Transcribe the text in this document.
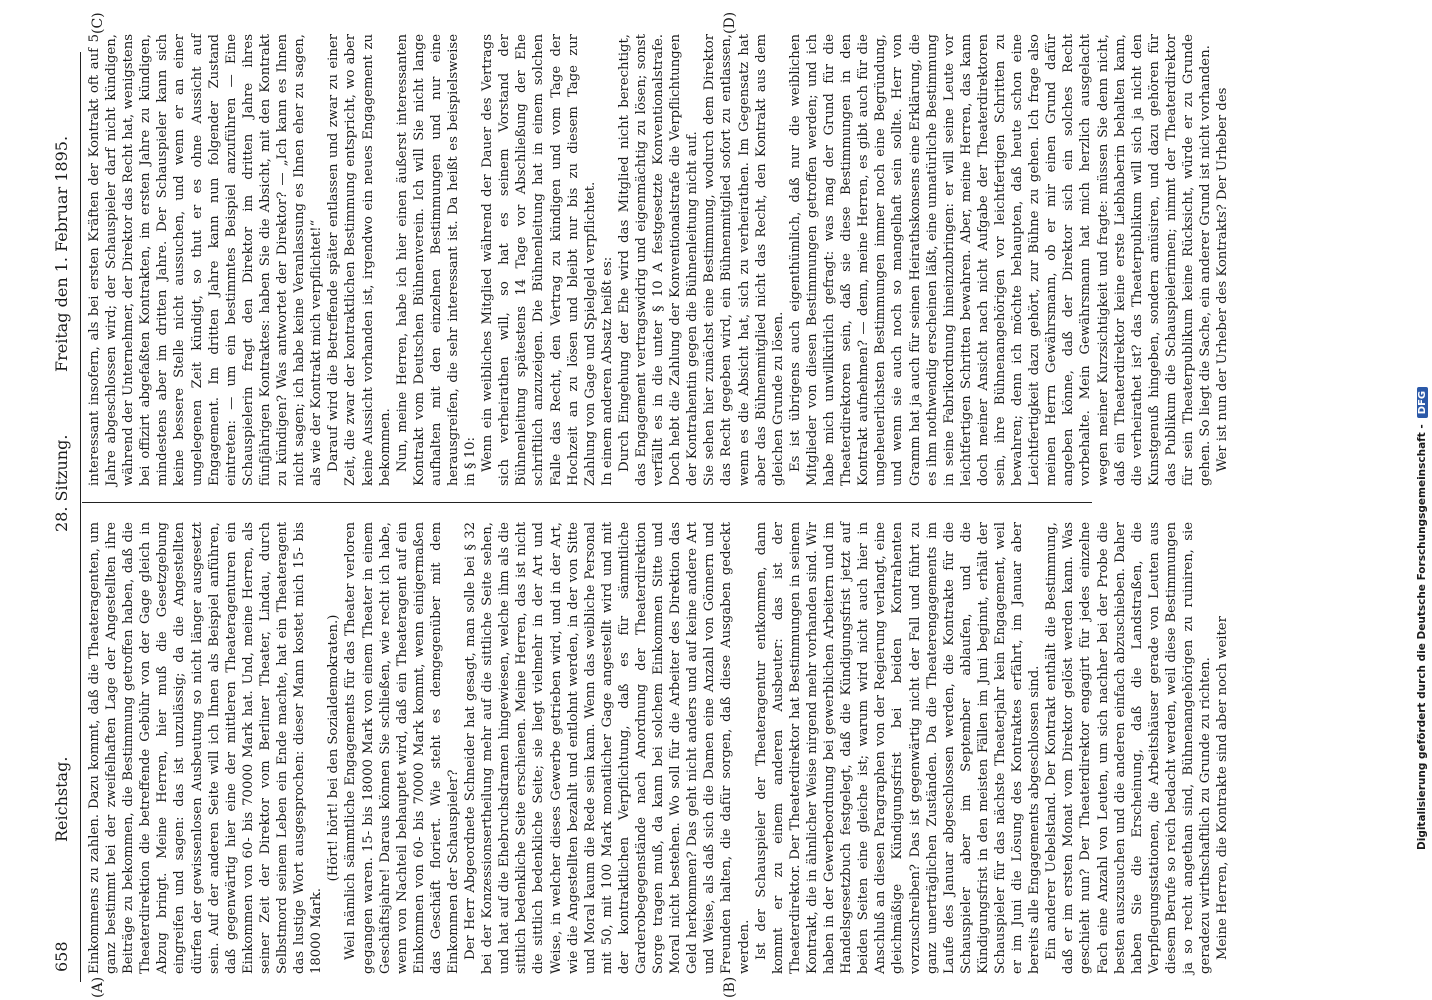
658
Reichstag.
28. Sitzung.
Freitag den 1. Februar 1895.
(A)	(B)
(C)	(D)

Einkommens zu zahlen. Dazu kommt, daß die Theateragenten, um ganz bestimmt bei der zweifelhaften Lage der Angestellten ihre Beiträge zu bekommen, die Bestimmung getroffen haben, daß die Theaterdirektion die betreffende Gebühr von der Gage gleich in Abzug bringt. Meine Herren, hier muß die Gesetzgebung eingreifen und sagen: das ist unzulässig; da die Angestellten dürfen der gewissenlosen Ausbeutung so nicht länger ausgesetzt sein. Auf der anderen Seite will ich Ihnen als Beispiel anführen, daß gegenwärtig hier eine der mittleren Theateragenturen ein Einkommen von 60- bis 70000 Mark hat. Und, meine Herren, als seiner Zeit der Direktor vom Berliner Theater, Lindau, durch Selbstmord seinem Leben ein Ende machte, hat ein Theateragent das lustige Wort ausgesprochen: dieser Mann kostet mich 15- bis 18000 Mark.

(Hört! hört! bei den Sozialdemokraten.) Weil nämlich sämmtliche Engagements für das Theater verloren gegangen waren. 15- bis 18000 Mark von einem Theater in einem Geschäftsjahre! Daraus können Sie schließen, wie recht ich habe, wenn von Nachteil behauptet wird, daß ein Theateragent auf ein Einkommen von 60- bis 70000 Mark kommt, wenn einigermaßen das Geschäft floriert. Wie steht es demgegenüber mit dem Einkommen der Schauspieler? Der Herr Abgeordnete Schneider hat gesagt, man solle bei § 32 bei der Konzessionsertheilung mehr auf die sittliche Seite sehen, und hat auf die Ehebruchsdramen hingewiesen, welche ihm als die sittlich bedenkliche Seite erschienen. Meine Herren, das ist nicht die sittlich bedenkliche Seite; sie liegt vielmehr in der Art und Weise, in welcher dieses Gewerbe getrieben wird, und in der Art, wie die Angestellten bezahlt und entlohnt werden, in der von Sitte und Moral kaum die Rede sein kann. Wenn das weibliche Personal mit 50, mit 100 Mark monatlicher Gage angestellt wird und mit der kontraktlichen Verpflichtung, daß es für sämmtliche Garderobegegenstände nach Anordnung der Theaterdirektion Sorge tragen muß, da kann bei solchem Einkommen Sitte und Moral nicht bestehen. Wo soll für die Arbeiter des Direktion das Geld herkommen? Das geht nicht anders und auf keine andere Art und Weise, als daß sich die Damen eine Anzahl von Gönnern und Freunden halten, die dafür sorgen, daß diese Ausgaben gedeckt werden. Ist der Schauspieler der Theateragentur entkommen, dann kommt er zu einem anderen Ausbeuter: das ist der Theaterdirektor. Der Theaterdirektor hat Bestimmungen in seinem Kontrakt, die in ähnlicher Weise nirgend mehr vorhanden sind. Wir haben in der Gewerbeordnung bei gewerblichen Arbeitern und im Handelsgesetzbuch festgelegt, daß die Kündigungsfrist jetzt auf beiden Seiten eine gleiche ist; warum wird nicht auch hier in Anschluß an diesen Paragraphen von der Regierung verlangt, eine gleichmäßige Kündigungsfrist bei beiden Kontrahenten vorzuschreiben? Das ist gegenwärtig nicht der Fall und führt zu ganz unerträglichen Zuständen. Da die Theaterengagements im Laufe des Januar abgeschlossen werden, die Kontrakte für die Schauspieler aber im September ablaufen, und die Kündigungsfrist in den meisten Fällen im Juni beginnt, erhält der Schauspieler für das nächste Theaterjahr kein Engagement, weil er im Juni die Lösung des Kontraktes erfährt, im Januar aber bereits alle Engagements abgeschlossen sind. Ein anderer Uebelstand. Der Kontrakt enthält die Bestimmung, daß er im ersten Monat vom Direktor gelöst werden kann. Was geschieht nun? Der Theaterdirektor engagirt für jedes einzelne Fach eine Anzahl von Leuten, um sich nachher bei der Probe die besten auszusuchen und die anderen einfach abzuschieben. Daher haben Sie die Erscheinung, daß die Landstraßen, die Verpflegungsstationen, die Arbeitshäuser gerade von Leuten aus diesem Berufe so reich bedacht werden, weil diese Bestimmungen ja so recht angethan sind, Bühnenangehörigen zu ruiniren, sie geradezu wirthschaftlich zu Grunde zu richten. Meine Herren, die Kontrakte sind aber noch weiter

interessant insofern, als bei ersten Kräften der Kontrakt oft auf 5 Jahre abgeschlossen wird; der Schauspieler darf nicht kündigen, während der Unternehmer, der Direktor das Recht hat, wenigstens bei offizirt abgefaßten Kontrakten, im ersten Jahre zu kündigen, mindestens aber im dritten Jahre. Der Schauspieler kann sich keine bessere Stelle nicht aussuchen, und wenn er an einer ungelegenen Zeit kündigt, so thut er es ohne Aussicht auf Engagement. Im dritten Jahre kann nun folgender Zustand eintreten: — um ein bestimmtes Beispiel anzuführen — Eine Schauspielerin fragt den Direktor im dritten Jahre ihres fünfjährigen Kontraktes: haben Sie die Absicht, mit den Kontrakt zu kündigen? Was antwortet der Direktor? — „Ich kann es Ihnen nicht sagen; ich habe keine Veranlassung es Ihnen eher zu sagen, als wie der Kontrakt mich verpflichtet!“ Darauf wird die Betreffende später entlassen und zwar zu einer Zeit, die zwar der kontraktlichen Bestimmung entspricht, wo aber keine Aussicht vorhanden ist, irgendwo ein neues Engagement zu bekommen. Nun, meine Herren, habe ich hier einen äußerst interessanten Kontrakt vom Deutschen Bühnenverein. Ich will Sie nicht lange aufhalten mit den einzelnen Bestimmungen und nur eine herausgreifen, die sehr interessant ist. Da heißt es beispielsweise in § 10: Wenn ein weibliches Mitglied während der Dauer des Vertrags sich verheirathen will, so hat es seinem Vorstand der Bühnenleitung spätestens 14 Tage vor Abschließung der Ehe schriftlich anzuzeigen. Die Bühnenleitung hat in einem solchen Falle das Recht, den Vertrag zu kündigen und vom Tage der Hochzeit an zu lösen und bleibt nur bis zu diesem Tage zur Zahlung von Gage und Spielgeld verpflichtet. In einem anderen Absatz heißt es: Durch Eingehung der Ehe wird das Mitglied nicht berechtigt, das Engagement vertragswidrig und eigenmächtig zu lösen; sonst verfällt es in die unter § 10 A festgesetzte Konventionalstrafe. Doch hebt die Zahlung der Konventionalstrafe die Verpflichtungen der Kontrahentin gegen die Bühnenleitung nicht auf. Sie sehen hier zunächst eine Bestimmung, wodurch dem Direktor das Recht gegeben wird, ein Bühnenmitglied sofort zu entlassen, wenn es die Absicht hat, sich zu verheirathen. Im Gegensatz hat aber das Bühnenmitglied nicht das Recht, den Kontrakt aus dem gleichen Grunde zu lösen. Es ist übrigens auch eigenthümlich, daß nur die weiblichen Mitglieder von diesen Bestimmungen getroffen werden; und ich habe mich unwillkürlich gefragt: was mag der Grund für die Theaterdirektoren sein, daß sie diese Bestimmungen in den Kontrakt aufnehmen? — denn, meine Herren, es gibt auch für die ungeheuerlichsten Bestimmungen immer noch eine Begründung, und wenn sie auch noch so mangelhaft sein sollte. Herr von Gramm hat ja auch für seinen Heirathskonsens eine Erklärung, die es ihm nothwendig erscheinen läßt, eine unnatürliche Bestimmung in seine Fabrikordnung hineinzubringen: er will seine Leute vor leichtfertigen Schritten bewahren. Aber, meine Herren, das kann doch meiner Ansicht nach nicht Aufgabe der Theaterdirektoren sein, ihre Bühnenangehörigen vor leichtfertigen Schritten zu bewahren; denn ich möchte behaupten, daß heute schon eine Leichtfertigkeit dazu gehört, zur Bühne zu gehen. Ich frage also meinen Herrn Gewährsmann, ob er mir einen Grund dafür angeben könne, daß der Direktor sich ein solches Recht vorbehalte. Mein Gewährsmann hat mich herzlich ausgelacht wegen meiner Kurzsichtigkeit und fragte: müssen Sie denn nicht, daß ein Theaterdirektor keine erste Liebhaberin behalten kann, die verheirathet ist? das Theaterpublikum will sich ja nicht den Kunstgenuß hingeben, sondern amüsiren, und dazu gehören für das Publikum die Schauspielerinnen; nimmt der Theaterdirektor für sein Theaterpublikum keine Rücksicht, würde er zu Grunde gehen. So liegt die Sache, ein anderer Grund ist nicht vorhanden. Wer ist nun der Urheber des Kontrakts? Der Urheber des

Digitalisierung gefördert durch die Deutsche Forschungsgemeinschaft -DFG
